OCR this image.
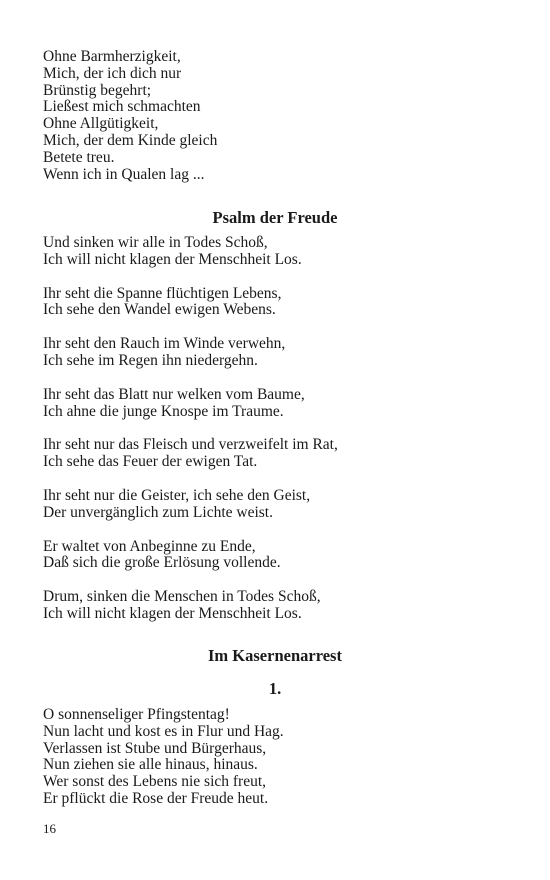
Ohne Barmherzigkeit,
Mich, der ich dich nur
Brünstig begehrt;
Ließest mich schmachten
Ohne Allgütigkeit,
Mich, der dem Kinde gleich
Betete treu.
Wenn ich in Qualen lag ...
Psalm der Freude
Und sinken wir alle in Todes Schoß,
Ich will nicht klagen der Menschheit Los.
Ihr seht die Spanne flüchtigen Lebens,
Ich sehe den Wandel ewigen Webens.
Ihr seht den Rauch im Winde verwehn,
Ich sehe im Regen ihn niedergehn.
Ihr seht das Blatt nur welken vom Baume,
Ich ahne die junge Knospe im Traume.
Ihr seht nur das Fleisch und verzweifelt im Rat,
Ich sehe das Feuer der ewigen Tat.
Ihr seht nur die Geister, ich sehe den Geist,
Der unvergänglich zum Lichte weist.
Er waltet von Anbeginne zu Ende,
Daß sich die große Erlösung vollende.
Drum, sinken die Menschen in Todes Schoß,
Ich will nicht klagen der Menschheit Los.
Im Kasernenarrest
1.
O sonnenseliger Pfingstentag!
Nun lacht und kost es in Flur und Hag.
Verlassen ist Stube und Bürgerhaus,
Nun ziehen sie alle hinaus, hinaus.
Wer sonst des Lebens nie sich freut,
Er pflückt die Rose der Freude heut.
16
